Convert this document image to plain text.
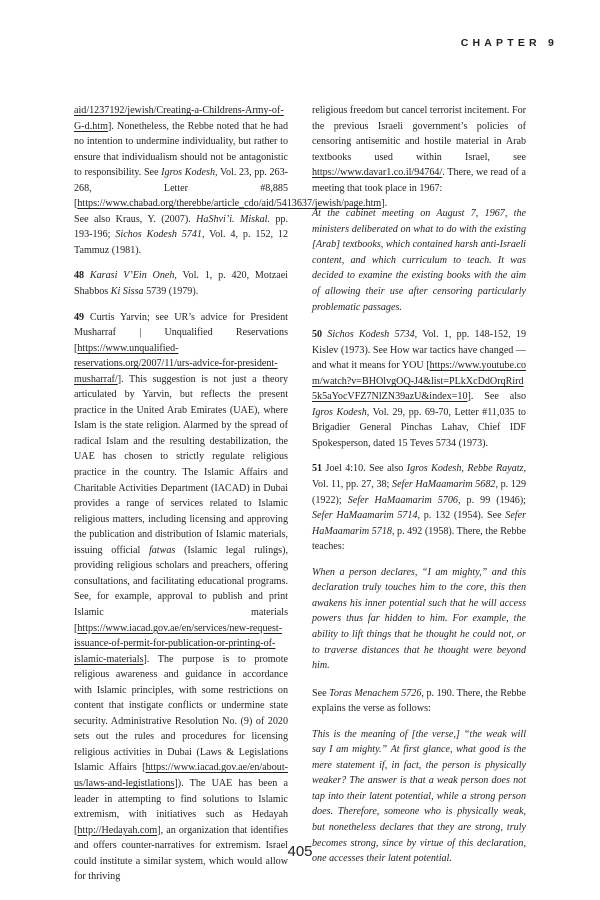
CHAPTER 9

aid/1237192/jewish/Creating-a-Childrens-Army-of-G-d.htm]. Nonetheless, the Rebbe noted that he had no intention to undermine individuality, but rather to ensure that individualism should not be antagonistic to responsibility. See Igros Kodesh, Vol. 23, pp. 263-268, Letter #8,885 [https://www.chabad.org/therebbe/article_cdo/aid/5413637/jewish/page.htm]. See also Kraus, Y. (2007). HaShvi’i. Miskal. pp. 193-196; Sichos Kodesh 5741, Vol. 4, p. 152, 12 Tammuz (1981).

48 Karasi V’Ein Oneh, Vol. 1, p. 420, Motzaei Shabbos Ki Sissa 5739 (1979).

49 Curtis Yarvin; see UR’s advice for President Musharraf | Unqualified Reservations [https://www.unqualified-reservations.org/2007/11/urs-advice-for-president-musharraf/]. This suggestion is not just a theory articulated by Yarvin, but reflects the present practice in the United Arab Emirates (UAE), where Islam is the state religion. Alarmed by the spread of radical Islam and the resulting destabilization, the UAE has chosen to strictly regulate religious practice in the country. The Islamic Affairs and Charitable Activities Department (IACAD) in Dubai provides a range of services related to Islamic religious matters, including licensing and approving the publication and distribution of Islamic materials, issuing official fatwas (Islamic legal rulings), providing religious scholars and preachers, offering consultations, and facilitating educational programs. See, for example, approval to publish and print Islamic materials [https://www.iacad.gov.ae/en/services/new-request-issuance-of-permit-for-publication-or-printing-of-islamic-materials]. The purpose is to promote religious awareness and guidance in accordance with Islamic principles, with some restrictions on content that instigate conflicts or undermine state security. Administrative Resolution No. (9) of 2020 sets out the rules and procedures for licensing religious activities in Dubai (Laws & Legislations Islamic Affairs [https://www.iacad.gov.ae/en/about-us/laws-and-legistlations]). The UAE has been a leader in attempting to find solutions to Islamic extremism, with initiatives such as Hedayah [http://Hedayah.com], an organization that identifies and offers counter-narratives for extremism. Israel could institute a similar system, which would allow for thriving

religious freedom but cancel terrorist incitement. For the previous Israeli government’s policies of censoring antisemitic and hostile material in Arab textbooks used within Israel, see https://www.davar1.co.il/94764/. There, we read of a meeting that took place in 1967:

At the cabinet meeting on August 7, 1967, the ministers deliberated on what to do with the existing [Arab] textbooks, which contained harsh anti-Israeli content, and which curriculum to teach. It was decided to examine the existing books with the aim of allowing their use after censoring particularly problematic passages.

50 Sichos Kodesh 5734, Vol. 1, pp. 148-152, 19 Kislev (1973). See How war tactics have changed — and what it means for YOU [https://www.youtube.com/watch?v=BHOlvgOQ-J4&list=PLkXcDdOrqRird5k5aYocVFZ7NlZN39azU&index=10]. See also Igros Kodesh, Vol. 29, pp. 69-70, Letter #11,035 to Brigadier General Pinchas Lahav, Chief IDF Spokesperson, dated 15 Teves 5734 (1973).

51 Joel 4:10. See also Igros Kodesh, Rebbe Rayatz, Vol. 11, pp. 27, 38; Sefer HaMaamarim 5682, p. 129 (1922); Sefer HaMaamarim 5706, p. 99 (1946); Sefer HaMaamarim 5714, p. 132 (1954). See Sefer HaMaamarim 5718, p. 492 (1958). There, the Rebbe teaches:

When a person declares, “I am mighty,” and this declaration truly touches him to the core, this then awakens his inner potential such that he will access powers thus far hidden to him. For example, the ability to lift things that he thought he could not, or to traverse distances that he thought were beyond him.

See Toras Menachem 5726, p. 190. There, the Rebbe explains the verse as follows:

This is the meaning of [the verse,] “the weak will say I am mighty.” At first glance, what good is the mere statement if, in fact, the person is physically weaker? The answer is that a weak person does not tap into their latent potential, while a strong person does. Therefore, someone who is physically weak, but nonetheless declares that they are strong, truly becomes strong, since by virtue of this declaration, one accesses their latent potential.

405
